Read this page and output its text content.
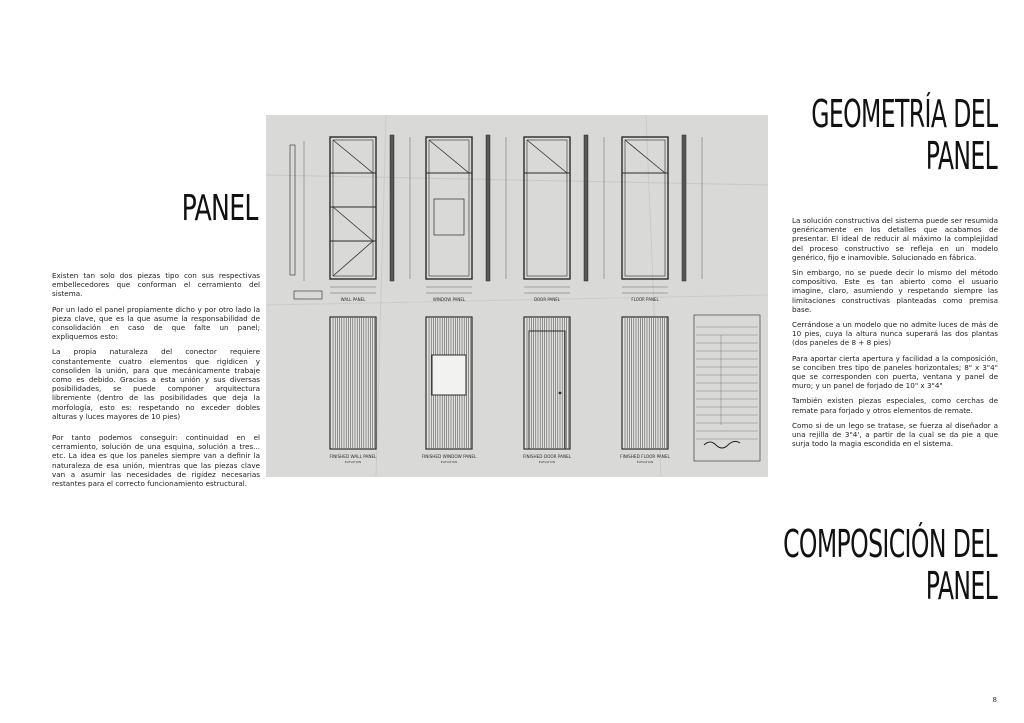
PANEL
GEOMETRÍA DEL
PANEL
COMPOSICIÓN DEL
PANEL

Existen tan solo dos piezas tipo con sus respectivas embellecedores que conforman el cerramiento del sistema.

Por un lado el panel propiamente dicho y por otro lado la pieza clave, que es la que asume la responsabilidad de consolidación en caso de que falte un panel; expliquemos esto:

La propia naturaleza del conector requiere constantemente cuatro elementos que rigidicen y consoliden la unión, para que mecánicamente trabaje como es debido. Gracias a esta unión y sus diversas posibilidades, se puede componer arquitectura libremente (dentro de las posibilidades que deja la morfología, esto es: respetando no exceder dobles alturas y luces mayores de 10 pies)

Por tanto podemos conseguir: continuidad en el cerramiento, solución de una esquina, solución a tres... etc. La idea es que los paneles siempre van a definir la naturaleza de esa unión, mientras que las piezas clave van a asumir las necesidades de rigidez necesarias restantes para el correcto funcionamiento estructural.

La solución constructiva del sistema puede ser resumida genéricamente en los detalles que acabamos de presentar. El ideal de reducir al máximo la complejidad del proceso constructivo se refleja en un modelo genérico, fijo e inamovible. Solucionado en fábrica.

Sin embargo, no se puede decir lo mismo del método compositivo. Este es tan abierto como el usuario imagine, claro, asumiendo y respetando siempre las limitaciones constructivas planteadas como premisa base.

Cerrándose a un modelo que no admite luces de más de 10 pies, cuya la altura nunca superará las dos plantas (dos paneles de 8 + 8 pies)

Para aportar cierta apertura y facilidad a la composición, se conciben tres tipo de paneles horizontales; 8" x 3"4" que se corresponden con puerta, ventana y panel de muro; y un panel de forjado de 10" x 3"4"

También existen piezas especiales, como cerchas de remate para forjado y otros elementos de remate.

Como si de un lego se tratase, se fuerza al diseñador a una rejilla de 3"4', a partir de la cual se da pie a que surja todo la magia escondida en el sistema.

WALL PANEL
FINISHED WALL PANEL
ELEVATION
WINDOW PANEL
FINISHED WINDOW PANEL
ELEVATION
DOOR PANEL
FINISHED DOOR PANEL
ELEVATION
FLOOR PANEL
FINISHED FLOOR PANEL
ELEVATION
8
